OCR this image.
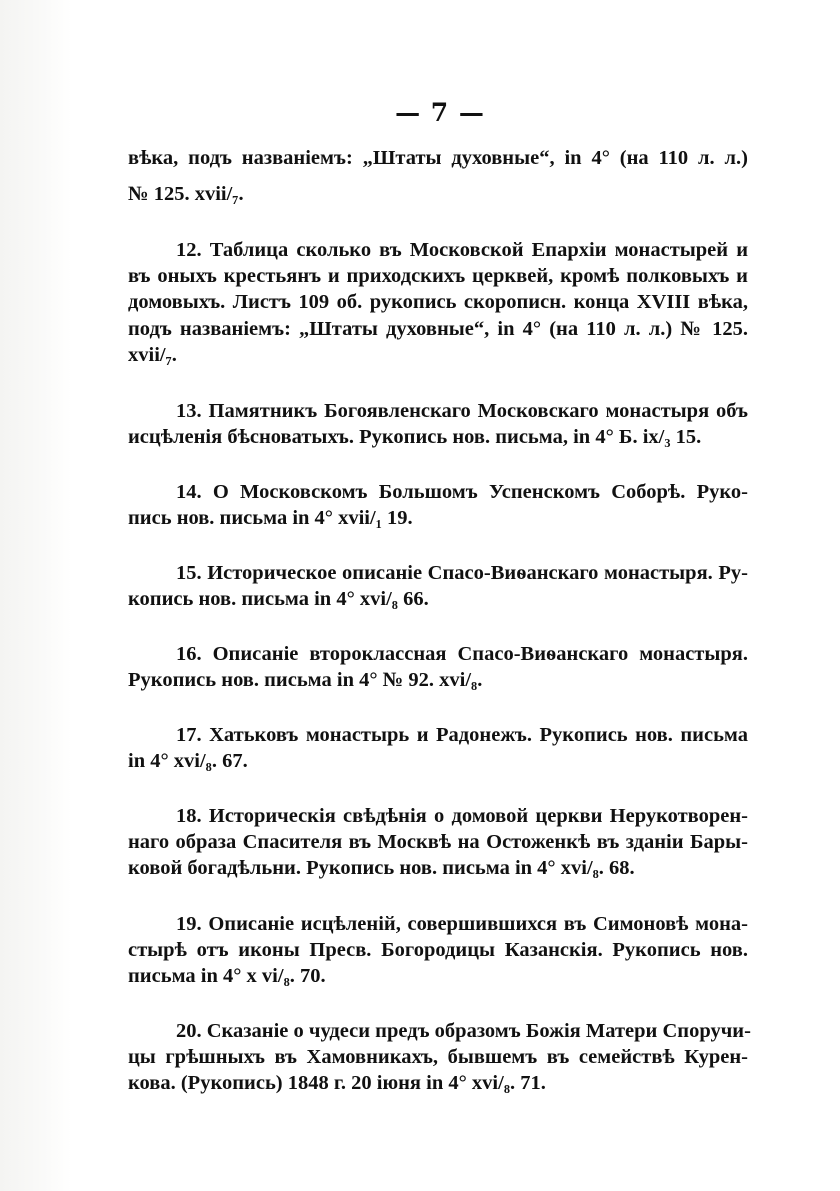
— 7 —
вѣка, подъ названіемъ: „Штаты духовные“, in 4° (на 110 л. л.)
№ 125. xvii/₇.
12. Таблица сколько въ Московской Епархіи монастырей и
въ оныхъ крестьянъ и приходскихъ церквей, кромѣ полковыхъ и
домовыхъ. Листъ 109 об. рукопись скорописн. конца XVIII вѣка,
подъ названіемъ: „Штаты духовные“, in 4° (на 110 л. л.) № 125.
xvii/₇.
13. Памятникъ Богоявленскаго Московскаго монастыря объ
исцѣленія бѣсноватыхъ. Рукопись нов. письма, in 4° Б. ix/₃ 15.
14. О Московскомъ Большомъ Успенскомъ Соборѣ. Руко-
пись нов. письма in 4° xvii/₁ 19.
15. Историческое описаніе Спасо-Виѳанскаго монастыря. Ру-
копись нов. письма in 4° xvi/₈ 66.
16. Описаніе второклассная Спасо-Виѳанскаго монастыря.
Рукопись нов. письма in 4° № 92. xvi/₈.
17. Хатьковъ монастырь и Радонежъ. Рукопись нов. письма
in 4° xvi/₈. 67.
18. Историческія свѣдѣнія о домовой церкви Нерукотворен-
наго образа Спасителя въ Москвѣ на Остоженкѣ въ зданіи Бары-
ковой богадѣльни. Рукопись нов. письма in 4° xvi/₈. 68.
19. Описаніе исцѣленій, совершившихся въ Симоновѣ мона-
стырѣ отъ иконы Пресв. Богородицы Казанскія. Рукопись нов.
письма in 4° x vi/₈. 70.
20. Сказаніе о чудеси предъ образомъ Божія Матери Споручи-
цы грѣшныхъ въ Хамовникахъ, бывшемъ въ семействѣ Курен-
кова. (Рукопись) 1848 г. 20 іюня in 4° xvi/₈. 71.
